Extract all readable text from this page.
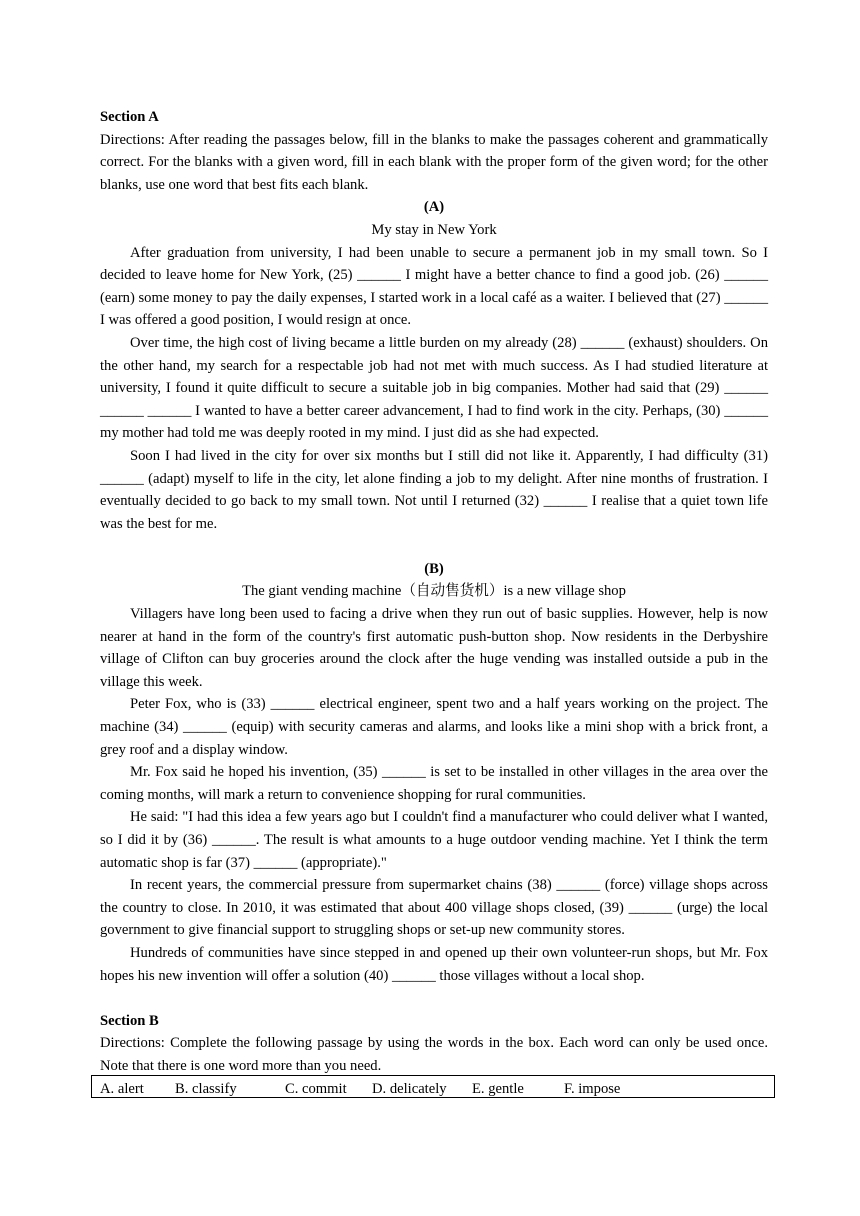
Section A

Directions: After reading the passages below, fill in the blanks to make the passages coherent and grammatically correct. For the blanks with a given word, fill in each blank with the proper form of the given word; for the other blanks, use one word that best fits each blank.

(A)
My stay in New York

After graduation from university, I had been unable to secure a permanent job in my small town. So I decided to leave home for New York, (25) ______ I might have a better chance to find a good job. (26) ______ (earn) some money to pay the daily expenses, I started work in a local café as a waiter. I believed that (27) ______ I was offered a good position, I would resign at once.

Over time, the high cost of living became a little burden on my already (28) ______ (exhaust) shoulders. On the other hand, my search for a respectable job had not met with much success. As I had studied literature at university, I found it quite difficult to secure a suitable job in big companies. Mother had said that (29) ______ ______ ______ I wanted to have a better career advancement, I had to find work in the city. Perhaps, (30) ______ my mother had told me was deeply rooted in my mind. I just did as she had expected.

Soon I had lived in the city for over six months but I still did not like it. Apparently, I had difficulty (31) ______ (adapt) myself to life in the city, let alone finding a job to my delight. After nine months of frustration. I eventually decided to go back to my small town. Not until I returned (32) ______ I realise that a quiet town life was the best for me.

(B)
The giant vending machine（自动售货机）is a new village shop

Villagers have long been used to facing a drive when they run out of basic supplies. However, help is now nearer at hand in the form of the country's first automatic push-button shop. Now residents in the Derbyshire village of Clifton can buy groceries around the clock after the huge vending was installed outside a pub in the village this week.

Peter Fox, who is (33) ______ electrical engineer, spent two and a half years working on the project. The machine (34) ______ (equip) with security cameras and alarms, and looks like a mini shop with a brick front, a grey roof and a display window.

Mr. Fox said he hoped his invention, (35) ______ is set to be installed in other villages in the area over the coming months, will mark a return to convenience shopping for rural communities.

He said: "I had this idea a few years ago but I couldn't find a manufacturer who could deliver what I wanted, so I did it by (36) ______. The result is what amounts to a huge outdoor vending machine. Yet I think the term automatic shop is far (37) ______ (appropriate)."

In recent years, the commercial pressure from supermarket chains (38) ______ (force) village shops across the country to close. In 2010, it was estimated that about 400 village shops closed, (39) ______ (urge) the local government to give financial support to struggling shops or set-up new community stores.

Hundreds of communities have since stepped in and opened up their own volunteer-run shops, but Mr. Fox hopes his new invention will offer a solution (40) ______ those villages without a local shop.

Section B

Directions: Complete the following passage by using the words in the box. Each word can only be used once. Note that there is one word more than you need.

A. alert B. classify	C. commit D. delicately E. gentle	F. impose
